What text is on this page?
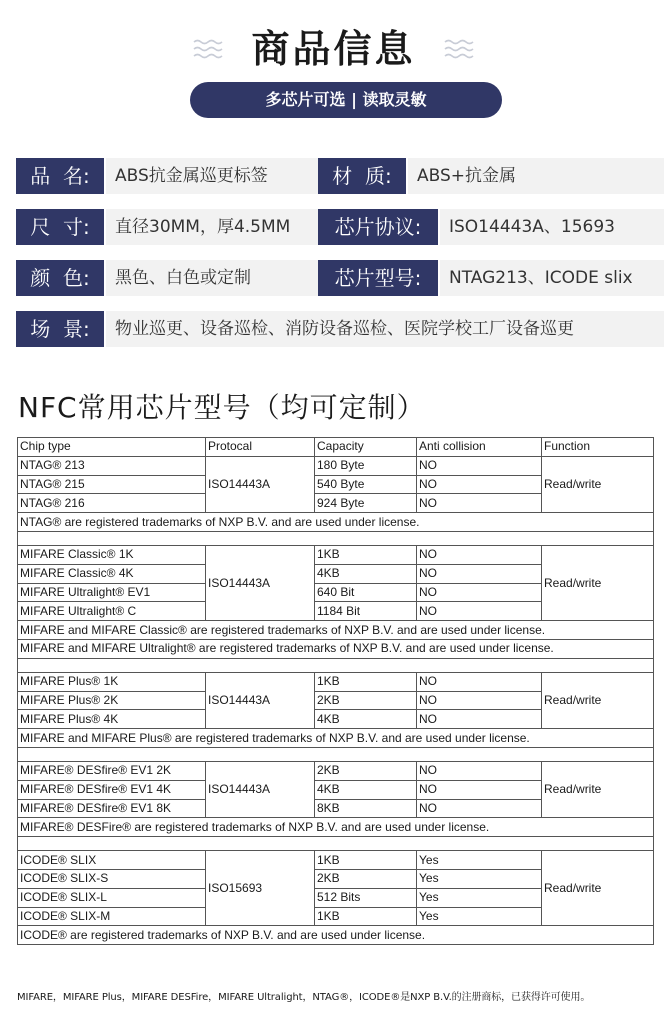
商品信息
多芯片可选 | 读取灵敏
品  名:	ABS抗金属巡更标签	材  质:	ABS+抗金属
尺  寸:	直径30MM，厚4.5MM	芯片协议:	ISO14443A、15693
颜  色:	黑色、白色或定制	芯片型号:	NTAG213、ICODE slix
场  景:	物业巡更、设备巡检、消防设备巡检、医院学校工厂设备巡更
NFC常用芯片型号（均可定制）
Chip type	Protocal	Capacity	Anti collision	Function
NTAG® 213	ISO14443A	180 Byte	NO	Read/write
NTAG® 215		540 Byte	NO	
NTAG® 216		924 Byte	NO	
NTAG® are registered trademarks of NXP B.V. and are used under license.				

MIFARE Classic® 1K	ISO14443A	1KB	NO	Read/write
MIFARE Classic® 4K		4KB	NO	
MIFARE Ultralight® EV1		640 Bit	NO	
MIFARE Ultralight® C		1184 Bit	NO	
MIFARE and MIFARE Classic® are registered trademarks of NXP B.V. and are used under license.				
MIFARE and MIFARE Ultralight® are registered trademarks of NXP B.V. and are used under license.				

MIFARE Plus® 1K	ISO14443A	1KB	NO	Read/write
MIFARE Plus® 2K		2KB	NO	
MIFARE Plus® 4K		4KB	NO	
MIFARE and MIFARE Plus® are registered trademarks of NXP B.V. and are used under license.				

MIFARE® DESfire® EV1 2K	ISO14443A	2KB	NO	Read/write
MIFARE® DESfire® EV1 4K		4KB	NO	
MIFARE® DESfire® EV1 8K		8KB	NO	
MIFARE® DESFire® are registered trademarks of NXP B.V. and are used under license.				

ICODE® SLIX	ISO15693	1KB	Yes	Read/write
ICODE® SLIX-S		2KB	Yes	
ICODE® SLIX-L		512 Bits	Yes	
ICODE® SLIX-M		1KB	Yes	
ICODE® are registered trademarks of NXP B.V. and are used under license.				
MIFARE，MIFARE Plus，MIFARE DESFire，MIFARE Ultralight，NTAG®，ICODE®是NXP B.V.的注册商标，已获得许可使用。
